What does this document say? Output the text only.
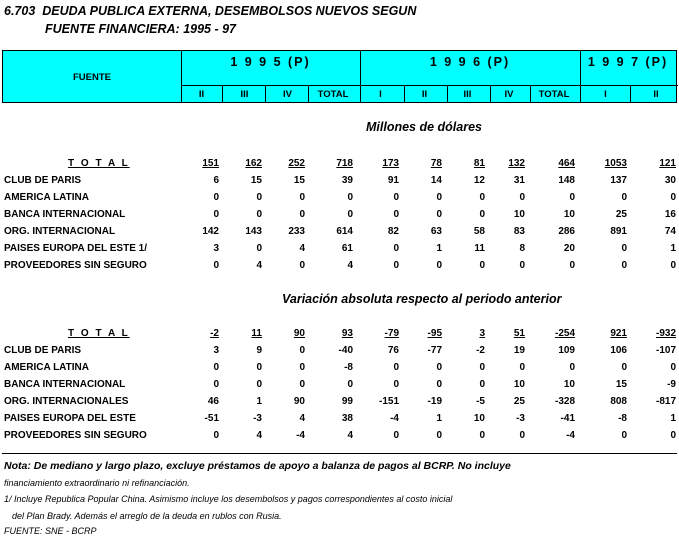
6.703  DEUDA PUBLICA EXTERNA, DESEMBOLSOS NUEVOS SEGUN
FUENTE FINANCIERA: 1995 - 97
FUENTE
1 9 9 5 (P)	1 9 9 6 (P)	1 9 9 7 (P)
II	III	IV	TOTAL	I	II	III	IV	TOTAL	I	II
Millones de dólares
T O T A L	151	162	252	718	173	78	81 132	464	1053	121
CLUB DE PARIS	6	15	15	39	91	14	12	31	148	137	30
AMERICA LATINA	0	0	0	0	0	0	0	0	0	0	0
BANCA INTERNACIONAL	0	0	0	0	0	0	0	10	10	25	16
ORG. INTERNACIONAL	142	143	233	614	82	63	58	83	286	891	74
PAISES EUROPA DEL ESTE 1/	3	0	4	61	0	1	11	8	20	0	1
PROVEEDORES SIN SEGURO	0	4	0	4	0	0	0	0	0	0	0
Variación absoluta respecto al periodo anterior
T O T A L	-2	11	90	93	-79	-95	3	51	-254	921	-932
CLUB DE PARIS	3	9	0	-40	76	-77	-2	19	109	106	-107
AMERICA LATINA	0	0	0	-8	0	0	0	0	0	0	0
BANCA INTERNACIONAL	0	0	0	0	0	0	0	10	10	15	-9
ORG. INTERNACIONALES	46	1	90	99	-151	-19	-5	25	-328	808	-817
PAISES EUROPA DEL ESTE	-51	-3	4	38	-4	1	10	-3	-41	-8	1
PROVEEDORES SIN SEGURO	0	4	-4	4	0	0	0	0	-4	0	0
Nota: De mediano y largo plazo, excluye préstamos de apoyo a balanza de pagos al BCRP. No incluye
financiamiento extraordinario ni refinanciación.
1/ Incluye Republica Popular China. Asimismo incluye los desembolsos y pagos correspondientes al costo inicial
del Plan Brady. Además el arreglo de la deuda en rublos con Rusia.
FUENTE: SNE - BCRP
